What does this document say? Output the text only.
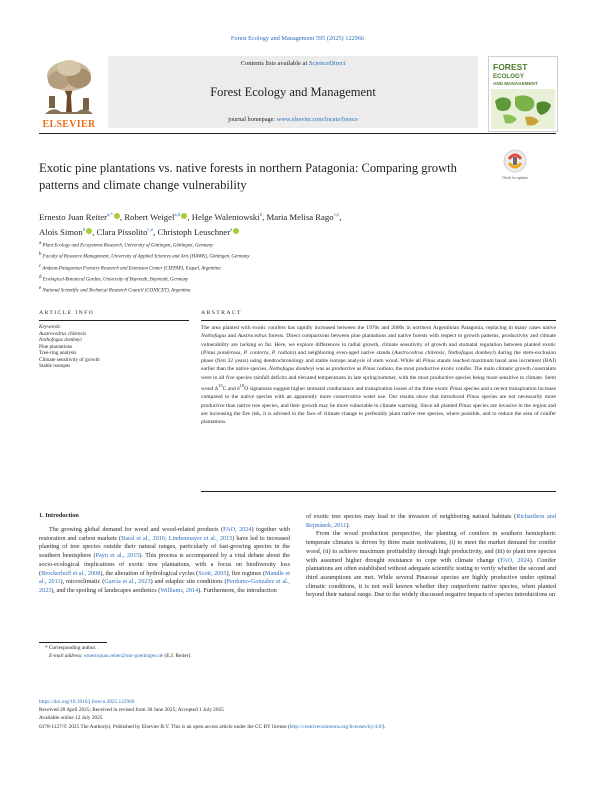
Forest Ecology and Management 595 (2025) 122966
ELSEVIER
Contents lists available at ScienceDirect
Forest Ecology and Management
journal homepage: www.elsevier.com/locate/foreco
FOREST
ECOLOGY
AND MANAGEMENT
Exotic pine plantations vs. native forests in northern Patagonia: Comparing growth patterns and climate change vulnerability	Check for updates
Ernesto Juan Reiter$^{a,*}$ , Robert Weigel$^{a,d}$ , Helge Walentowski$^b$, Maria Melisa Rago$^{c,e}$,
Alois Simon$^b$ , Clara Pissolito$^{c,e}$, Christoph Leuschner$^a$
a Plant Ecology and Ecosystems Research, University of Göttingen, Göttingen, Germany
b Faculty of Resource Management, University of Applied Sciences and Arts (HAWK), Göttingen, Germany
c Andean-Patagonian Forestry Research and Extension Center (CIEFAP), Esquel, Argentina
d Ecological-Botanical Garden, University of Bayreuth, Bayreuth, Germany
e National Scientific and Technical Research Council (CONICET), Argentina
ARTICLE INFO	ABSTRACT
Keywords:
Austrocedrus chilensis
Nothofagus dombeyi
Pine plantations
Tree-ring analysis
Climate sensitivity of growth
Stable isotopes
The area planted with exotic conifers has rapidly increased between the 1970s and 2000s in northern Argentinian Patagonia, replacing in many cases native Nothofagus and Austrocedrus forests. Direct comparisons between pine plantations and native forests with respect to growth patterns, productivity and climate vulnerability are lacking so far. Here, we explore differences in radial growth, climate sensitivity of growth and stomatal regulation between planted exotic (Pinus ponderosa, P. contorta, P. radiata) and neighboring even-aged native stands (Austrocedrus chilensis, Nothofagus dombeyi) during the stem-exclusion phase (first 32 years) using dendrochronology and stable isotope analysis of stem wood. While all Pinus stands reached maximum basal area increment (BAI) earlier than the native species, Nothofagus dombeyi was as productive as Pinus radiata, the most productive exotic conifer. The main climatic growth constraints were in all five species rainfall deficits and elevated temperatures in late spring/summer, with the most productive species being more sensitive to climate. Stem wood $\Delta^{13}C$ and $\delta^{18}O$ signatures suggest higher stomatal conductance and transpiration losses of the three exotic Pinus species and a recent transpiration increase compared to the native species with an apparently more conservative water use. Our results show that introduced Pinus species are not necessarily more productive than native tree species, and their growth may be more vulnerable to climate warming. Since all planted Pinus species are invasive in the region and are increasing the fire risk, it is advised in the face of climate change to preferably plant native tree species, where possible, and to reduce the area of conifer plantations.
1. Introduction

The growing global demand for wood and wood-related products (FAO, 2024) together with restoration and carbon markets (Baral et al., 2016; Lindenmayer et al., 2015) have led to increased planting of tree species outside their natural ranges, particularly of fast-growing species in the southern hemisphere (Payn et al., 2015). This process is accompanied by a vital debate about the socio-ecological implications of exotic tree plantations, with a focus on biodiversity loss (Brockerhoff et al., 2008), the alteration of hydrological cycles (Scott, 2005), fire regimes (Mandle et al., 2011), microclimatic (García et al., 2023) and edaphic site conditions (Perdomo-González et al., 2023), and the spoiling of landscapes aesthetics (Williams, 2014). Furthermore, the introduction

of exotic tree species may lead to the invasion of neighboring natural habitats (Richardson and Rejmánek, 2011).

From the wood production perspective, the planting of conifers in southern hemispheric temperate climates is driven by three main motivations, (i) to meet the market demand for conifer wood, (ii) to achieve maximum profitability through high productivity, and (iii) to plant tree species with assumed higher drought resistance to cope with climate change (FAO, 2024). Conifer plantations are often established without adequate scientific testing to verify whether the second and third assumptions are met. While several Pinaceae species are highly productive under optimal climatic conditions, it is not well known whether they outperform native species, when planted beyond their natural range. Due to the widely discussed negative impacts of species introductions on

* Corresponding author.
E-mail address: ernestojuan.reiter@uni-goettingen.de (E.J. Reiter).
https://doi.org/10.1016/j.foreco.2025.122966
Received 28 April 2025; Received in revised form 30 June 2025; Accepted 1 July 2025
Available online 12 July 2025
0378-1127/© 2025 The Author(s). Published by Elsevier B.V. This is an open access article under the CC BY license (http://creativecommons.org/licenses/by/4.0/).
